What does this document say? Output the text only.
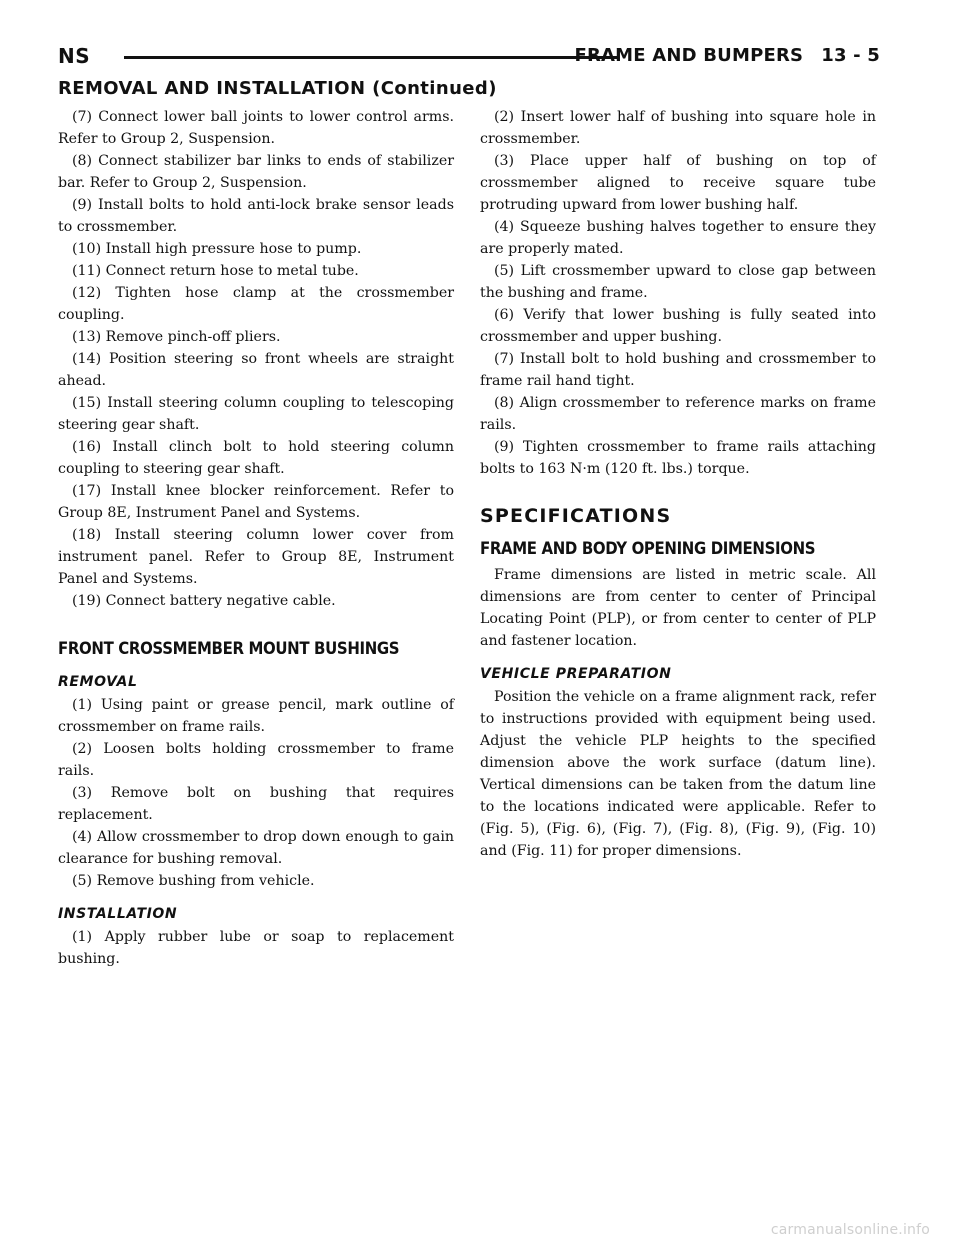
NS	FRAME AND BUMPERS 13 - 5
REMOVAL AND INSTALLATION (Continued)

(7) Connect lower ball joints to lower control arms. Refer to Group 2, Suspension.

(8) Connect stabilizer bar links to ends of stabilizer bar. Refer to Group 2, Suspension.

(9) Install bolts to hold anti-lock brake sensor leads to crossmember.

(10) Install high pressure hose to pump.

(11) Connect return hose to metal tube.

(12) Tighten hose clamp at the crossmember coupling.

(13) Remove pinch-off pliers.

(14) Position steering so front wheels are straight ahead.

(15) Install steering column coupling to telescoping steering gear shaft.

(16) Install clinch bolt to hold steering column coupling to steering gear shaft.

(17) Install knee blocker reinforcement. Refer to Group 8E, Instrument Panel and Systems.

(18) Install steering column lower cover from instrument panel. Refer to Group 8E, Instrument Panel and Systems.

(19) Connect battery negative cable.

FRONT CROSSMEMBER MOUNT BUSHINGS
REMOVAL

(1) Using paint or grease pencil, mark outline of crossmember on frame rails.

(2) Loosen bolts holding crossmember to frame rails.

(3) Remove bolt on bushing that requires replacement.

(4) Allow crossmember to drop down enough to gain clearance for bushing removal.

(5) Remove bushing from vehicle.

INSTALLATION

(1) Apply rubber lube or soap to replacement bushing.

(2) Insert lower half of bushing into square hole in crossmember.

(3) Place upper half of bushing on top of crossmember aligned to receive square tube protruding upward from lower bushing half.

(4) Squeeze bushing halves together to ensure they are properly mated.

(5) Lift crossmember upward to close gap between the bushing and frame.

(6) Verify that lower bushing is fully seated into crossmember and upper bushing.

(7) Install bolt to hold bushing and crossmember to frame rail hand tight.

(8) Align crossmember to reference marks on frame rails.

(9) Tighten crossmember to frame rails attaching bolts to 163 N·m (120 ft. lbs.) torque.

SPECIFICATIONS
FRAME AND BODY OPENING DIMENSIONS

Frame dimensions are listed in metric scale. All dimensions are from center to center of Principal Locating Point (PLP), or from center to center of PLP and fastener location.

VEHICLE PREPARATION

Position the vehicle on a frame alignment rack, refer to instructions provided with equipment being used. Adjust the vehicle PLP heights to the specified dimension above the work surface (datum line). Vertical dimensions can be taken from the datum line to the locations indicated were applicable. Refer to (Fig. 5), (Fig. 6), (Fig. 7), (Fig. 8), (Fig. 9), (Fig. 10) and (Fig. 11) for proper dimensions.

carmanualsonline.info
